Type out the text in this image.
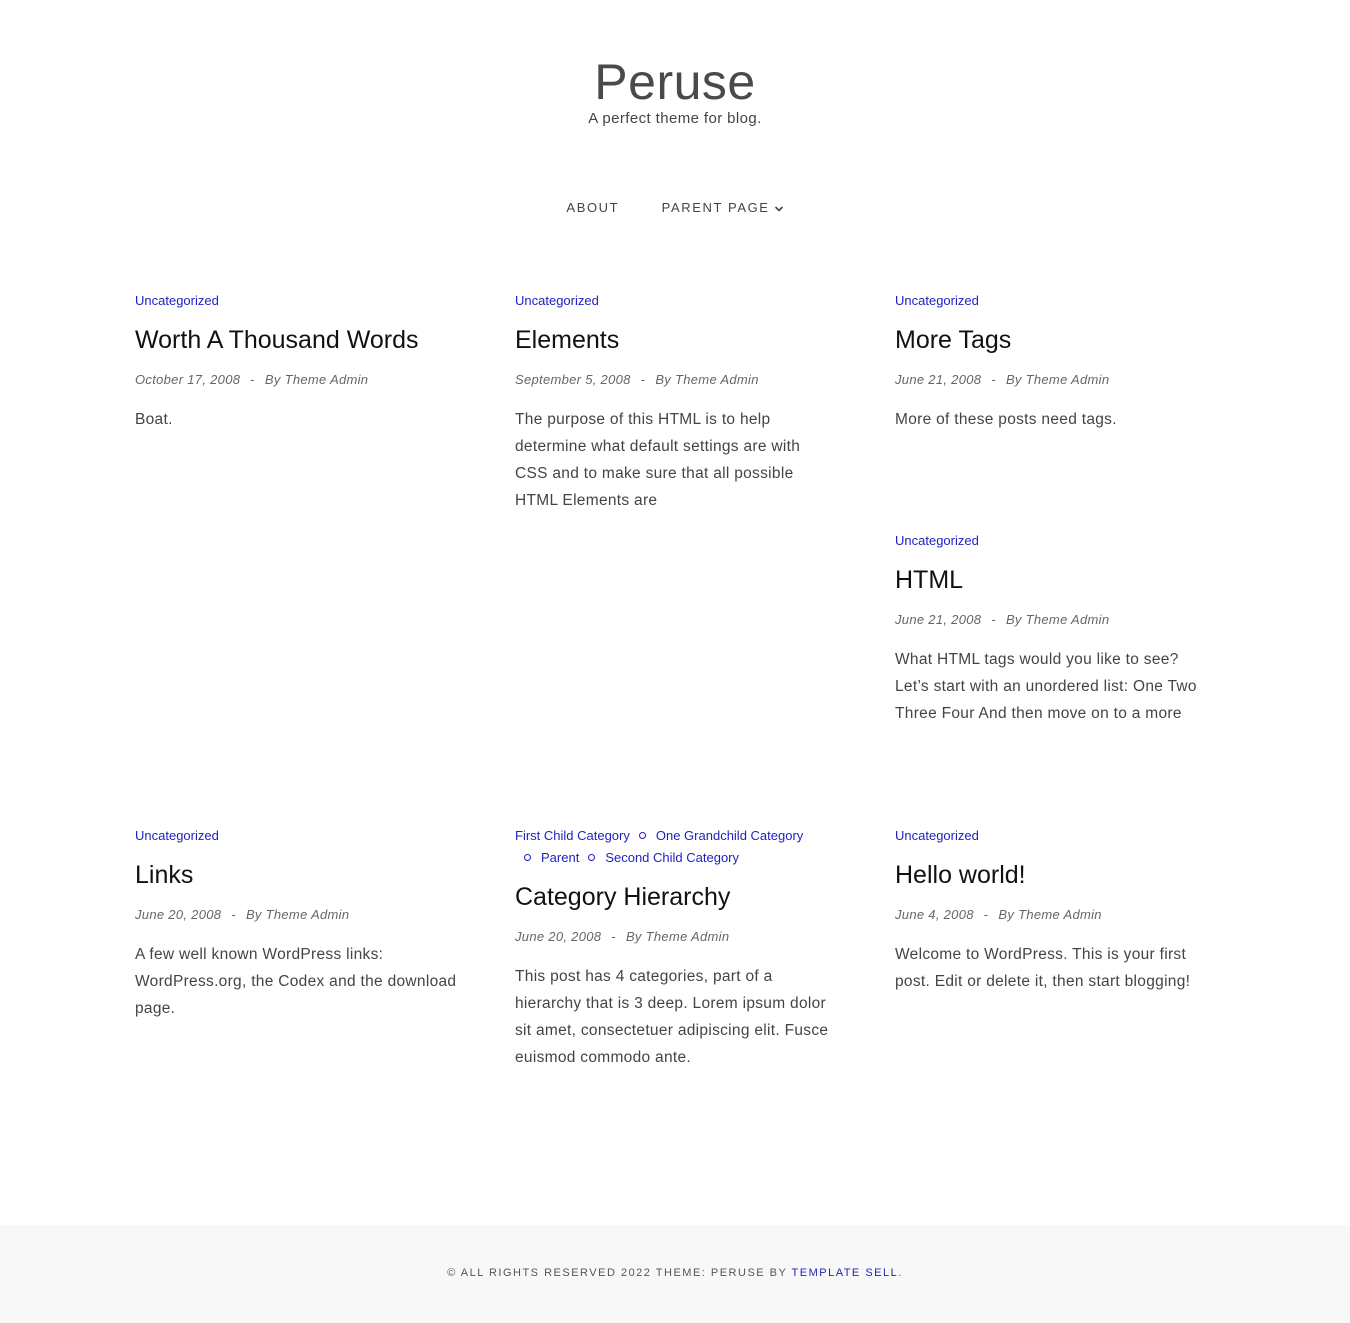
Peruse
A perfect theme for blog.
ABOUT	PARENT PAGE
Uncategorized
Worth A Thousand Words
October 17, 2008 - By Theme Admin
Boat.
Uncategorized
Elements
September 5, 2008 - By Theme Admin
The purpose of this HTML is to help determine what default settings are with CSS and to make sure that all possible HTML Elements are
Uncategorized
More Tags
June 21, 2008 - By Theme Admin
More of these posts need tags.
Uncategorized
HTML
June 21, 2008 - By Theme Admin
What HTML tags would you like to see? Let’s start with an unordered list: One Two Three Four And then move on to a more
Uncategorized
Links
June 20, 2008 - By Theme Admin
A few well known WordPress links: WordPress.org, the Codex and the download page.
First Child Category One Grandchild Category
Parent Second Child Category
Category Hierarchy
June 20, 2008 - By Theme Admin
This post has 4 categories, part of a hierarchy that is 3 deep. Lorem ipsum dolor sit amet, consectetuer adipiscing elit. Fusce euismod commodo ante.
Uncategorized
Hello world!
June 4, 2008 - By Theme Admin
Welcome to WordPress. This is your first post. Edit or delete it, then start blogging!
© ALL RIGHTS RESERVED 2022 THEME: PERUSE BY TEMPLATE SELL.
